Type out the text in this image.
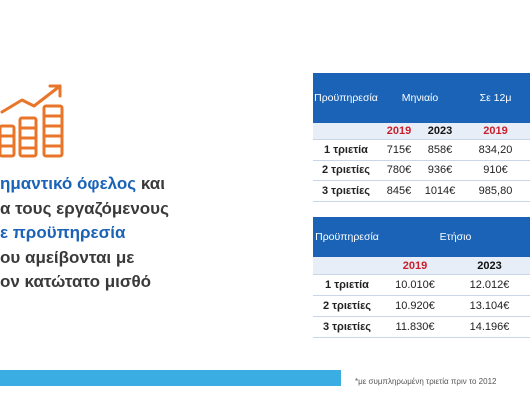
ημαντικό όφελος και
α τους εργαζόμενους
ε προϋπηρεσία
ου αμείβονται με
ον κατώτατο μισθό
Προϋπηρεσία	Μηνιαίο		Σε 12μ
	2019	2023	2019
1 τριετία	715€	858€	834,20
2 τριετίες	780€	936€	910€
3 τριετίες	845€	1014€	985,80
Προϋπηρεσία	Ετήσιο	
	2019	2023
1 τριετία	10.010€	12.012€
2 τριετίες	10.920€	13.104€
3 τριετίες	11.830€	14.196€
*με συμπληρωμένη τριετία πριν το 2012
